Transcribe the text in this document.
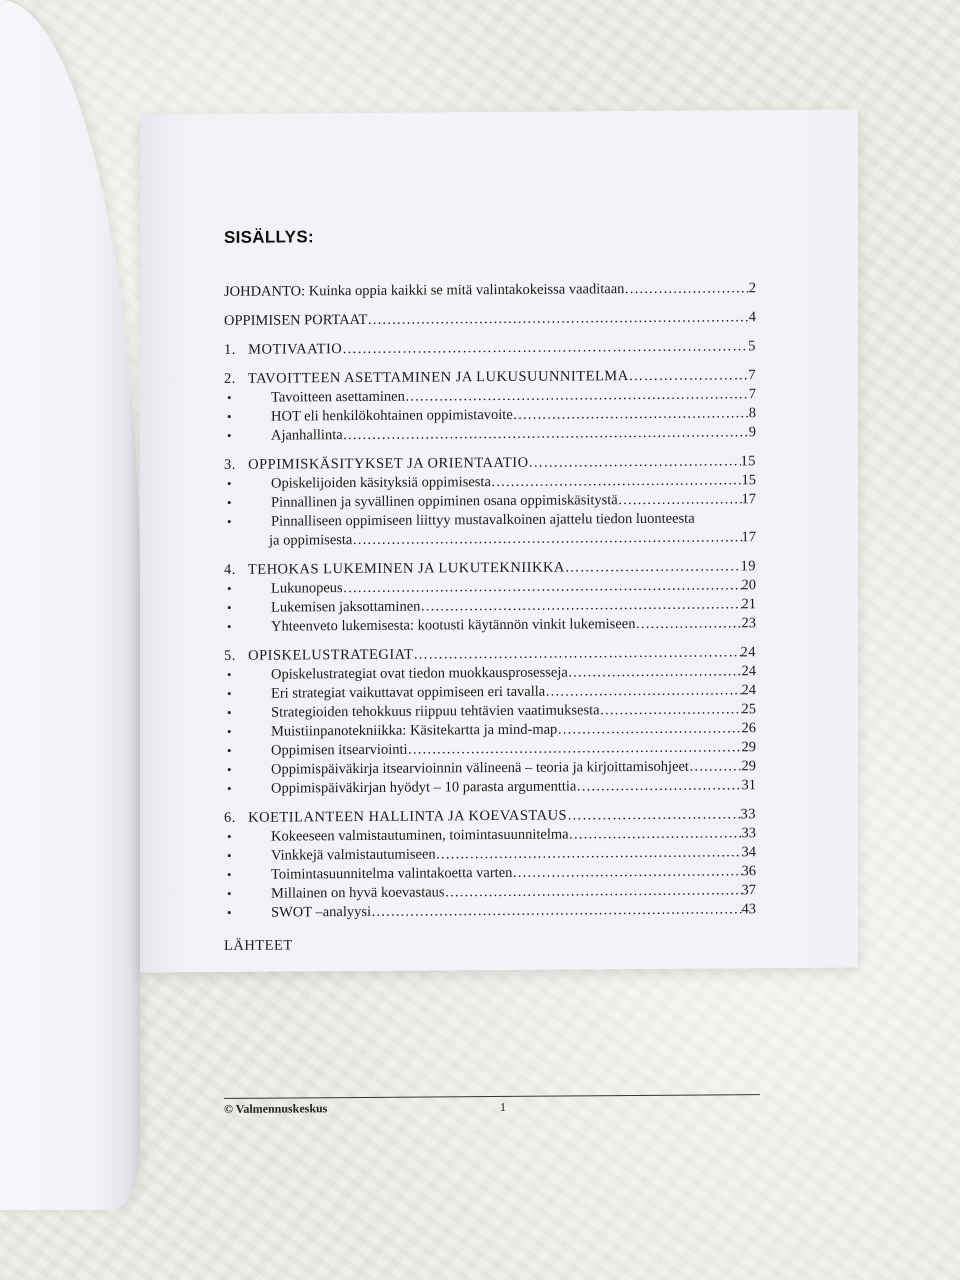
SISÄLLYS:
JOHDANTO: Kuinka oppia kaikki se mitä valintakokeissa vaaditaan ……………………………………………………………………………………………………………………………………………………………………………………………………	2
OPPIMISEN PORTAAT ……………………………………………………………………………………………………………………………………………………………………………………………………	4
1. MOTIVAATIO ……………………………………………………………………………………………………………………………………………………………………………………………………	5
2. TAVOITTEEN ASETTAMINEN JA LUKUSUUNNITELMA ……………………………………………………………………………………………………………………………………………………………………………………………………	7
•Tavoitteen asettaminen ……………………………………………………………………………………………………………………………………………………………………………………………………	7
•HOT eli henkilökohtainen oppimistavoite ……………………………………………………………………………………………………………………………………………………………………………………………………	8
•Ajanhallinta ……………………………………………………………………………………………………………………………………………………………………………………………………	9
3. OPPIMISKÄSITYKSET JA ORIENTAATIO ……………………………………………………………………………………………………………………………………………………………………………………………………	15
•Opiskelijoiden käsityksiä oppimisesta ……………………………………………………………………………………………………………………………………………………………………………………………………	15
•Pinnallinen ja syvällinen oppiminen osana oppimiskäsitystä ……………………………………………………………………………………………………………………………………………………………………………………………………	17
•Pinnalliseen oppimiseen liittyy mustavalkoinen ajattelu tiedon luonteesta
ja oppimisesta ……………………………………………………………………………………………………………………………………………………………………………………………………	17
4. TEHOKAS LUKEMINEN JA LUKUTEKNIIKKA ……………………………………………………………………………………………………………………………………………………………………………………………………	19
•Lukunopeus ……………………………………………………………………………………………………………………………………………………………………………………………………	20
•Lukemisen jaksottaminen ……………………………………………………………………………………………………………………………………………………………………………………………………	21
•Yhteenveto lukemisesta: kootusti käytännön vinkit lukemiseen ……………………………………………………………………………………………………………………………………………………………………………………………………	23
5. OPISKELUSTRATEGIAT ……………………………………………………………………………………………………………………………………………………………………………………………………	24
•Opiskelustrategiat ovat tiedon muokkausprosesseja ……………………………………………………………………………………………………………………………………………………………………………………………………	24
•Eri strategiat vaikuttavat oppimiseen eri tavalla ……………………………………………………………………………………………………………………………………………………………………………………………………	24
•Strategioiden tehokkuus riippuu tehtävien vaatimuksesta ……………………………………………………………………………………………………………………………………………………………………………………………………	25
•Muistiinpanotekniikka: Käsitekartta ja mind-map ……………………………………………………………………………………………………………………………………………………………………………………………………	26
•Oppimisen itsearviointi ……………………………………………………………………………………………………………………………………………………………………………………………………	29
•Oppimispäiväkirja itsearvioinnin välineenä – teoria ja kirjoittamisohjeet ……………………………………………………………………………………………………………………………………………………………………………………………………	29
•Oppimispäiväkirjan hyödyt – 10 parasta argumenttia ……………………………………………………………………………………………………………………………………………………………………………………………………	31
6. KOETILANTEEN HALLINTA JA KOEVASTAUS ……………………………………………………………………………………………………………………………………………………………………………………………………	33
•Kokeeseen valmistautuminen, toimintasuunnitelma ……………………………………………………………………………………………………………………………………………………………………………………………………	33
•Vinkkejä valmistautumiseen ……………………………………………………………………………………………………………………………………………………………………………………………………	34
•Toimintasuunnitelma valintakoetta varten ……………………………………………………………………………………………………………………………………………………………………………………………………	36
•Millainen on hyvä koevastaus ……………………………………………………………………………………………………………………………………………………………………………………………………	37
•SWOT –analyysi ……………………………………………………………………………………………………………………………………………………………………………………………………	43
LÄHTEET
© Valmennuskeskus	1
